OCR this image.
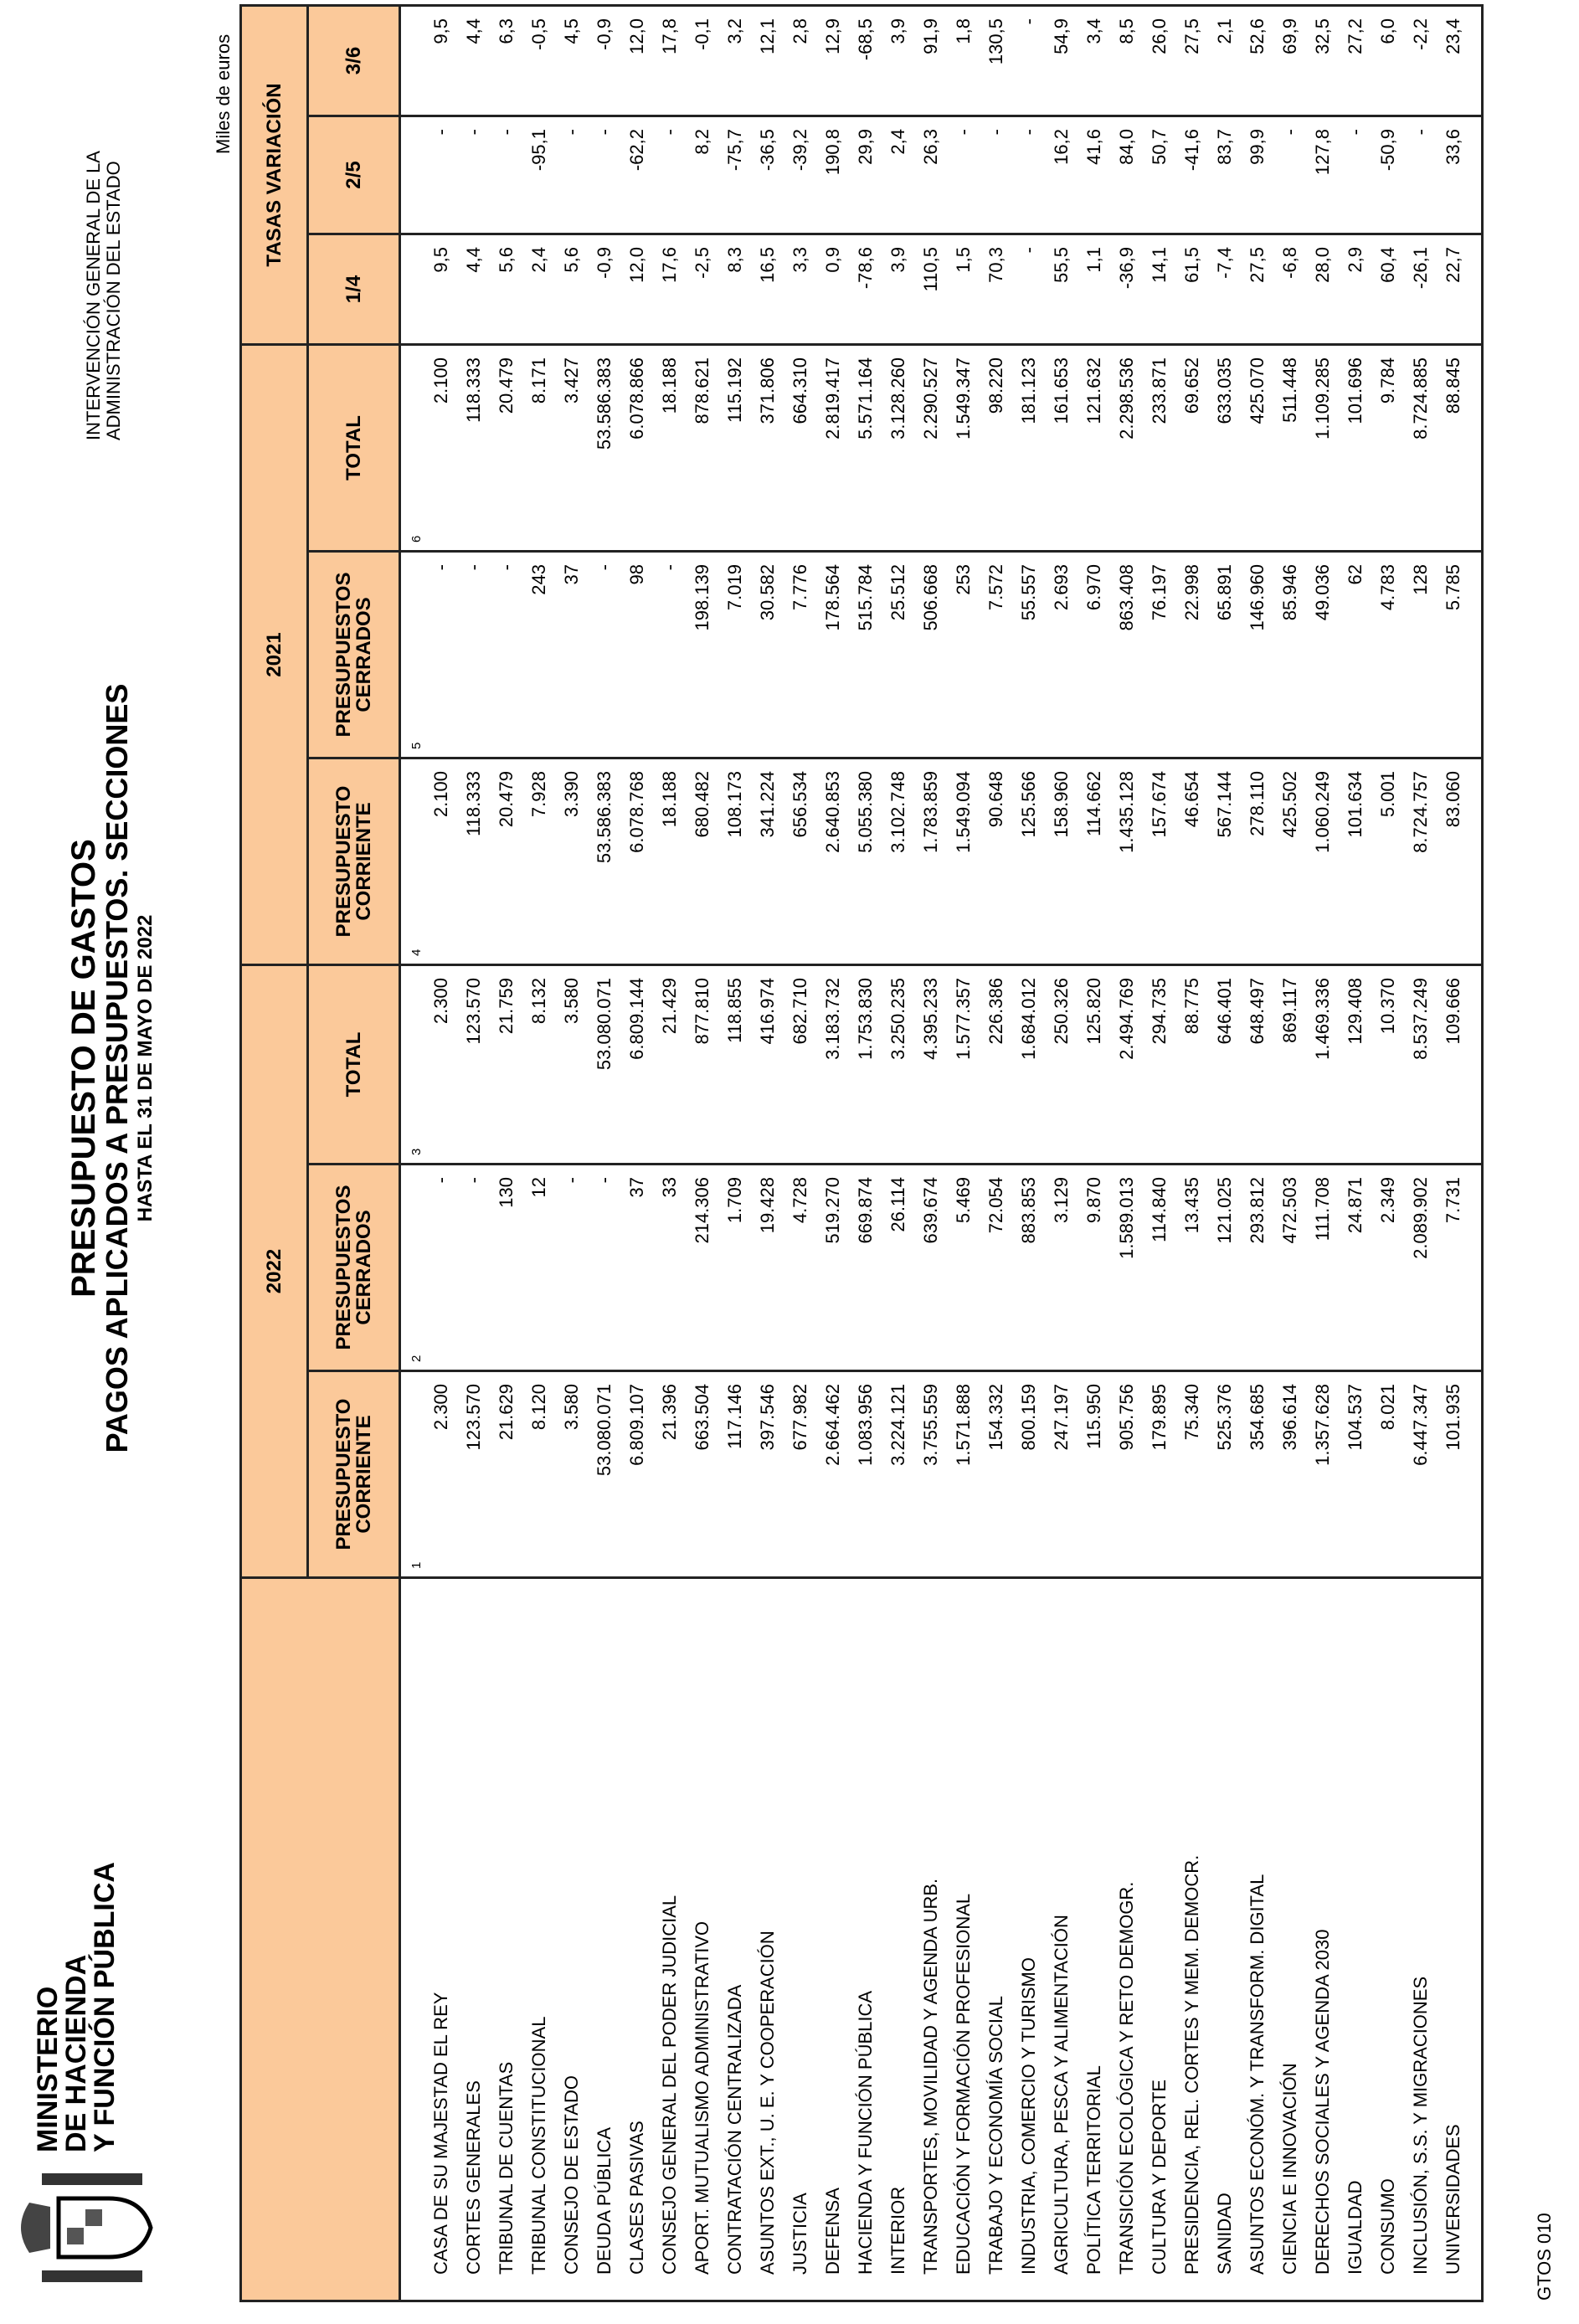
MINISTERIO
DE HACIENDA
Y FUNCIÓN PÚBLICA
PRESUPUESTO DE GASTOS
PAGOS APLICADOS A PRESUPUESTOS. SECCIONES HASTA EL 31 DE MAYO DE 2022
INTERVENCIÓN GENERAL DE LA ADMINISTRACIÓN DEL ESTADO
Miles de euros
GTOS 010
	2022			2021			TASAS VARIACIÓN		
	PRESUPUESTO CORRIENTE	PRESUPUESTOS CERRADOS	TOTAL	PRESUPUESTO CORRIENTE	PRESUPUESTOS CERRADOS	TOTAL	1/4	2/5	3/6
CASA DE SU MAJESTAD EL REY	2.300	-	2.300	2.100	-	2.100	9,5	-	9,5
CORTES GENERALES	123.570	-	123.570	118.333	-	118.333	4,4	-	4,4
TRIBUNAL DE CUENTAS	21.629	130	21.759	20.479	-	20.479	5,6	-	6,3
TRIBUNAL CONSTITUCIONAL	8.120	12	8.132	7.928	243	8.171	2,4	-95,1	-0,5
CONSEJO DE ESTADO	3.580	-	3.580	3.390	37	3.427	5,6	-	4,5
DEUDA PÚBLICA	53.080.071	-	53.080.071	53.586.383	-	53.586.383	-0,9	-	-0,9
CLASES PASIVAS	6.809.107	37	6.809.144	6.078.768	98	6.078.866	12,0	-62,2	12,0
CONSEJO GENERAL DEL PODER JUDICIAL	21.396	33	21.429	18.188	-	18.188	17,6	-	17,8
APORT. MUTUALISMO ADMINISTRATIVO	663.504	214.306	877.810	680.482	198.139	878.621	-2,5	8,2	-0,1
CONTRATACIÓN CENTRALIZADA	117.146	1.709	118.855	108.173	7.019	115.192	8,3	-75,7	3,2
ASUNTOS EXT., U. E. Y COOPERACIÓN	397.546	19.428	416.974	341.224	30.582	371.806	16,5	-36,5	12,1
JUSTICIA	677.982	4.728	682.710	656.534	7.776	664.310	3,3	-39,2	2,8
DEFENSA	2.664.462	519.270	3.183.732	2.640.853	178.564	2.819.417	0,9	190,8	12,9
HACIENDA Y FUNCIÓN PÚBLICA	1.083.956	669.874	1.753.830	5.055.380	515.784	5.571.164	-78,6	29,9	-68,5
INTERIOR	3.224.121	26.114	3.250.235	3.102.748	25.512	3.128.260	3,9	2,4	3,9
TRANSPORTES, MOVILIDAD Y AGENDA URB.	3.755.559	639.674	4.395.233	1.783.859	506.668	2.290.527	110,5	26,3	91,9
EDUCACIÓN Y FORMACIÓN PROFESIONAL	1.571.888	5.469	1.577.357	1.549.094	253	1.549.347	1,5	-	1,8
TRABAJO Y ECONOMÍA SOCIAL	154.332	72.054	226.386	90.648	7.572	98.220	70,3	-	130,5
INDUSTRIA, COMERCIO Y TURISMO	800.159	883.853	1.684.012	125.566	55.557	181.123	-	-	-
AGRICULTURA, PESCA Y ALIMENTACIÓN	247.197	3.129	250.326	158.960	2.693	161.653	55,5	16,2	54,9
POLÍTICA TERRITORIAL	115.950	9.870	125.820	114.662	6.970	121.632	1,1	41,6	3,4
TRANSICIÓN ECOLÓGICA Y RETO DEMOGR.	905.756	1.589.013	2.494.769	1.435.128	863.408	2.298.536	-36,9	84,0	8,5
CULTURA Y DEPORTE	179.895	114.840	294.735	157.674	76.197	233.871	14,1	50,7	26,0
PRESIDENCIA, REL. CORTES Y MEM. DEMOCR.	75.340	13.435	88.775	46.654	22.998	69.652	61,5	-41,6	27,5
SANIDAD	525.376	121.025	646.401	567.144	65.891	633.035	-7,4	83,7	2,1
ASUNTOS ECONÓM. Y TRANSFORM. DIGITAL	354.685	293.812	648.497	278.110	146.960	425.070	27,5	99,9	52,6
CIENCIA E INNOVACIÓN	396.614	472.503	869.117	425.502	85.946	511.448	-6,8	-	69,9
DERECHOS SOCIALES Y AGENDA 2030	1.357.628	111.708	1.469.336	1.060.249	49.036	1.109.285	28,0	127,8	32,5
IGUALDAD	104.537	24.871	129.408	101.634	62	101.696	2,9	-	27,2
CONSUMO	8.021	2.349	10.370	5.001	4.783	9.784	60,4	-50,9	6,0
INCLUSIÓN, S.S. Y MIGRACIONES	6.447.347	2.089.902	8.537.249	8.724.757	128	8.724.885	-26,1	-	-2,2
UNIVERSIDADES	101.935	7.731	109.666	83.060	5.785	88.845	22,7	33,6	23,4
1
2
3
4
5
6
